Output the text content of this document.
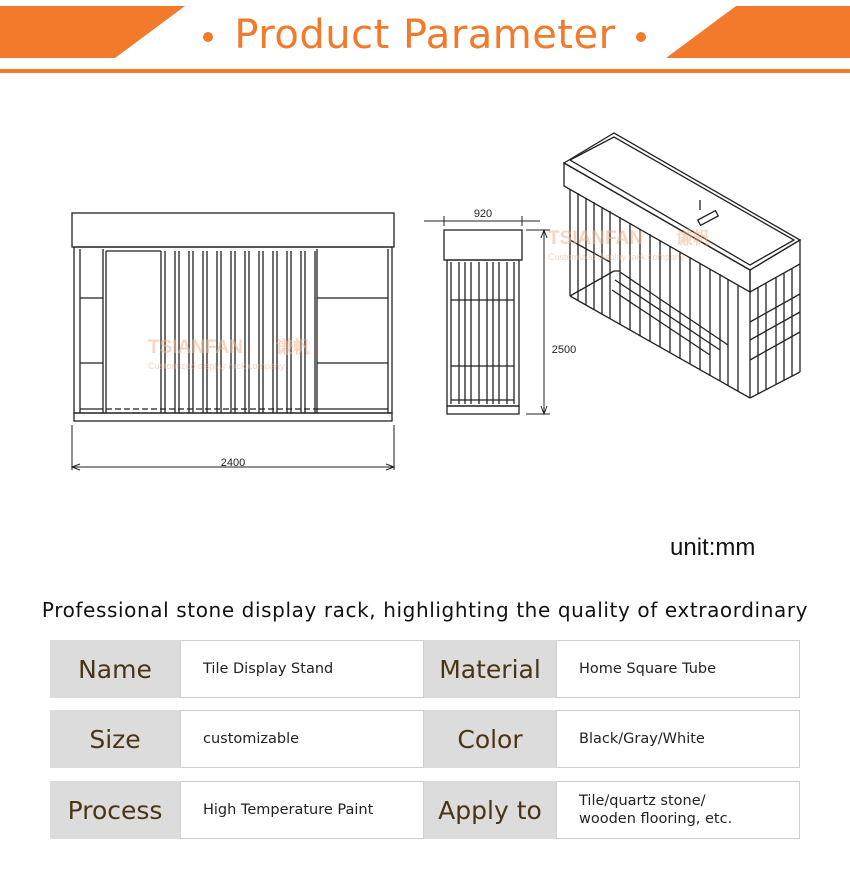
Product Parameter
2400
920
2500
TSIANFAN 谦帆
Customized display rack company
TSIANFAN 谦帆
Customized display rack company
unit:mm
Professional stone display rack, highlighting the quality of extraordinary
Name	Tile Display Stand	Material	Home Square Tube
Size	customizable	Color	Black/Gray/White
Process	High Temperature Paint	Apply to	Tile/quartz stone/
wooden flooring, etc.
